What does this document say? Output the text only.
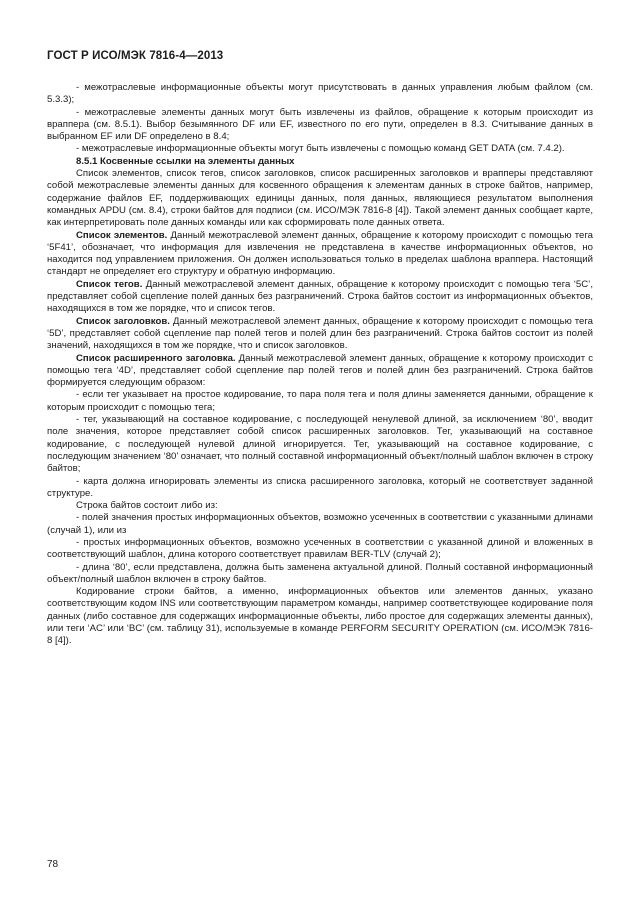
ГОСТ Р ИСО/МЭК 7816-4—2013

- межотраслевые информационные объекты могут присутствовать в данных управления любым файлом (см. 5.3.3);

- межотраслевые элементы данных могут быть извлечены из файлов, обращение к которым происходит из враппера (см. 8.5.1). Выбор безымянного DF или EF, известного по его пути, определен в 8.3. Считывание данных в выбранном EF или DF определено в 8.4;

- межотраслевые информационные объекты могут быть извлечены с помощью команд GET DATA (см. 7.4.2).

8.5.1 Косвенные ссылки на элементы данных

Список элементов, список тегов, список заголовков, список расширенных заголовков и врапперы представляют собой межотраслевые элементы данных для косвенного обращения к элементам данных в строке байтов, например, содержание файлов EF, поддерживающих единицы данных, поля данных, являющиеся результатом выполнения командных APDU (см. 8.4), строки байтов для подписи (см. ИСО/МЭК 7816-8 [4]). Такой элемент данных сообщает карте, как интерпретировать поле данных команды или как сформировать поле данных ответа.

Список элементов. Данный межотраслевой элемент данных, обращение к которому происходит с помощью тега ‘5F41’, обозначает, что информация для извлечения не представлена в качестве информационных объектов, но находится под управлением приложения. Он должен использоваться только в пределах шаблона враппера. Настоящий стандарт не определяет его структуру и обратную информацию.

Список тегов. Данный межотраслевой элемент данных, обращение к которому происходит с помощью тега ‘5C’, представляет собой сцепление полей данных без разграничений. Строка байтов состоит из информационных объектов, находящихся в том же порядке, что и список тегов.

Список заголовков. Данный межотраслевой элемент данных, обращение к которому происходит с помощью тега ‘5D’, представляет собой сцепление пар полей тегов и полей длин без разграничений. Строка байтов состоит из полей значений, находящихся в том же порядке, что и список заголовков.

Список расширенного заголовка. Данный межотраслевой элемент данных, обращение к которому происходит с помощью тега ‘4D’, представляет собой сцепление пар полей тегов и полей длин без разграничений. Строка байтов формируется следующим образом:

- если тег указывает на простое кодирование, то пара поля тега и поля длины заменяется данными, обращение к которым происходит с помощью тега;

- тег, указывающий на составное кодирование, с последующей ненулевой длиной, за исключением ‘80’, вводит поле значения, которое представляет собой список расширенных заголовков. Тег, указывающий на составное кодирование, с последующей нулевой длиной игнорируется. Тег, указывающий на составное кодирование, с последующим значением ‘80’ означает, что полный составной информационный объект/полный шаблон включен в строку байтов;

- карта должна игнорировать элементы из списка расширенного заголовка, который не соответствует заданной структуре.

Строка байтов состоит либо из:

- полей значения простых информационных объектов, возможно усеченных в соответствии с указанными длинами (случай 1), или из

- простых информационных объектов, возможно усеченных в соответствии с указанной длиной и вложенных в соответствующий шаблон, длина которого соответствует правилам BER-TLV (случай 2);

- длина ‘80’, если представлена, должна быть заменена актуальной длиной. Полный составной информационный объект/полный шаблон включен в строку байтов.

Кодирование строки байтов, а именно, информационных объектов или элементов данных, указано соответствующим кодом INS или соответствующим параметром команды, например соответствующее кодирование поля данных (либо составное для содержащих информационные объекты, либо простое для содержащих элементы данных), или теги ‘AC’ или ‘BC’ (см. таблицу 31), используемые в команде PERFORM SECURITY OPERATION (см. ИСО/МЭК 7816-8 [4]).

78
